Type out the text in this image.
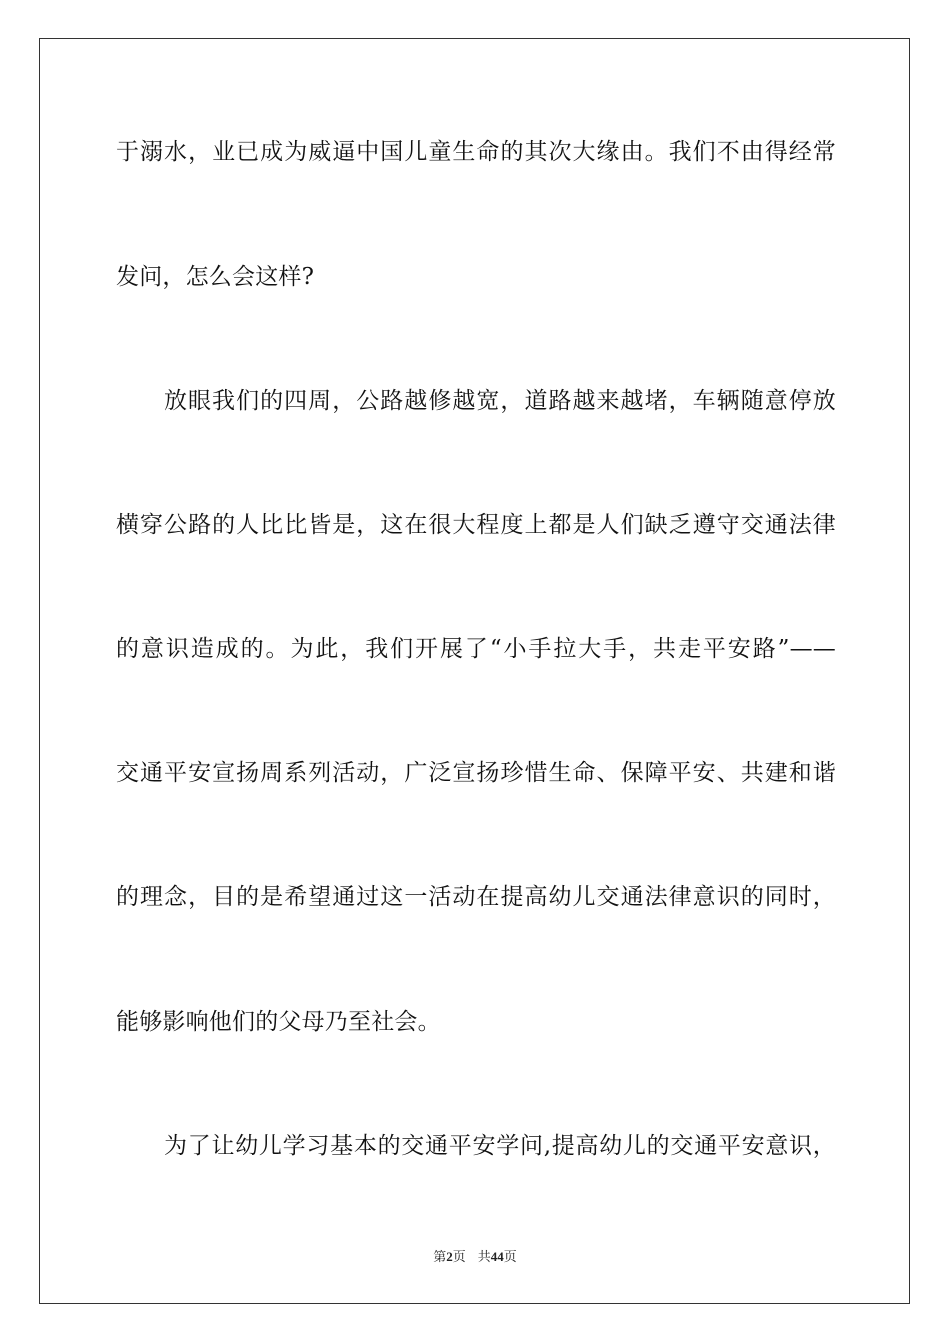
于溺水，业已成为威逼中国儿童生命的其次大缘由。我们不由得经常
发问，怎么会这样?
放眼我们的四周，公路越修越宽，道路越来越堵，车辆随意停放
横穿公路的人比比皆是，这在很大程度上都是人们缺乏遵守交通法律
的意识造成的。为此，我们开展了“小手拉大手，共走平安路”——
交通平安宣扬周系列活动，广泛宣扬珍惜生命、保障平安、共建和谐
的理念，目的是希望通过这一活动在提高幼儿交通法律意识的同时，
能够影响他们的父母乃至社会。
为了让幼儿学习基本的交通平安学问,提高幼儿的交通平安意识，
第2页 共44页
